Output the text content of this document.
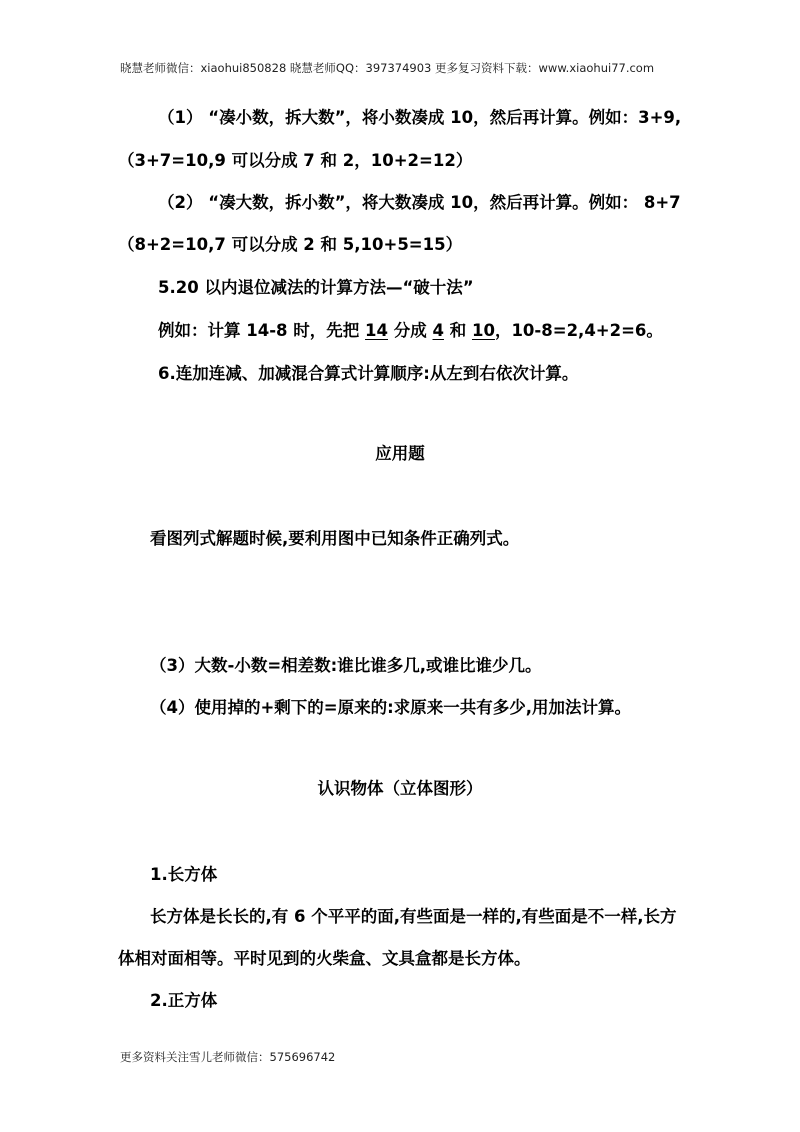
晓慧老师微信：xiaohui850828 晓慧老师QQ：397374903 更多复习资料下载：www.xiaohui77.com
（1） “凑小数，拆大数”，将小数凑成 10，然后再计算。例如：3+9,
（3+7=10,9 可以分成 7 和 2，10+2=12）
（2） “凑大数，拆小数”，将大数凑成 10，然后再计算。例如： 8+7
（8+2=10,7 可以分成 2 和 5,10+5=15）
5.20 以内退位减法的计算方法—“破十法”
例如：计算 14-8 时，先把 14 分成 4 和 10，10-8=2,4+2=6。
6.连加连减、加减混合算式计算顺序:从左到右依次计算。
应用题
看图列式解题时候,要利用图中已知条件正确列式。
（3）大数-小数=相差数:谁比谁多几,或谁比谁少几。
（4）使用掉的+剩下的=原来的:求原来一共有多少,用加法计算。
认识物体（立体图形）
1.长方体
长方体是长长的,有 6 个平平的面,有些面是一样的,有些面是不一样,长方
体相对面相等。平时见到的火柴盒、文具盒都是长方体。
2.正方体
更多资料关注雪儿老师微信：575696742
